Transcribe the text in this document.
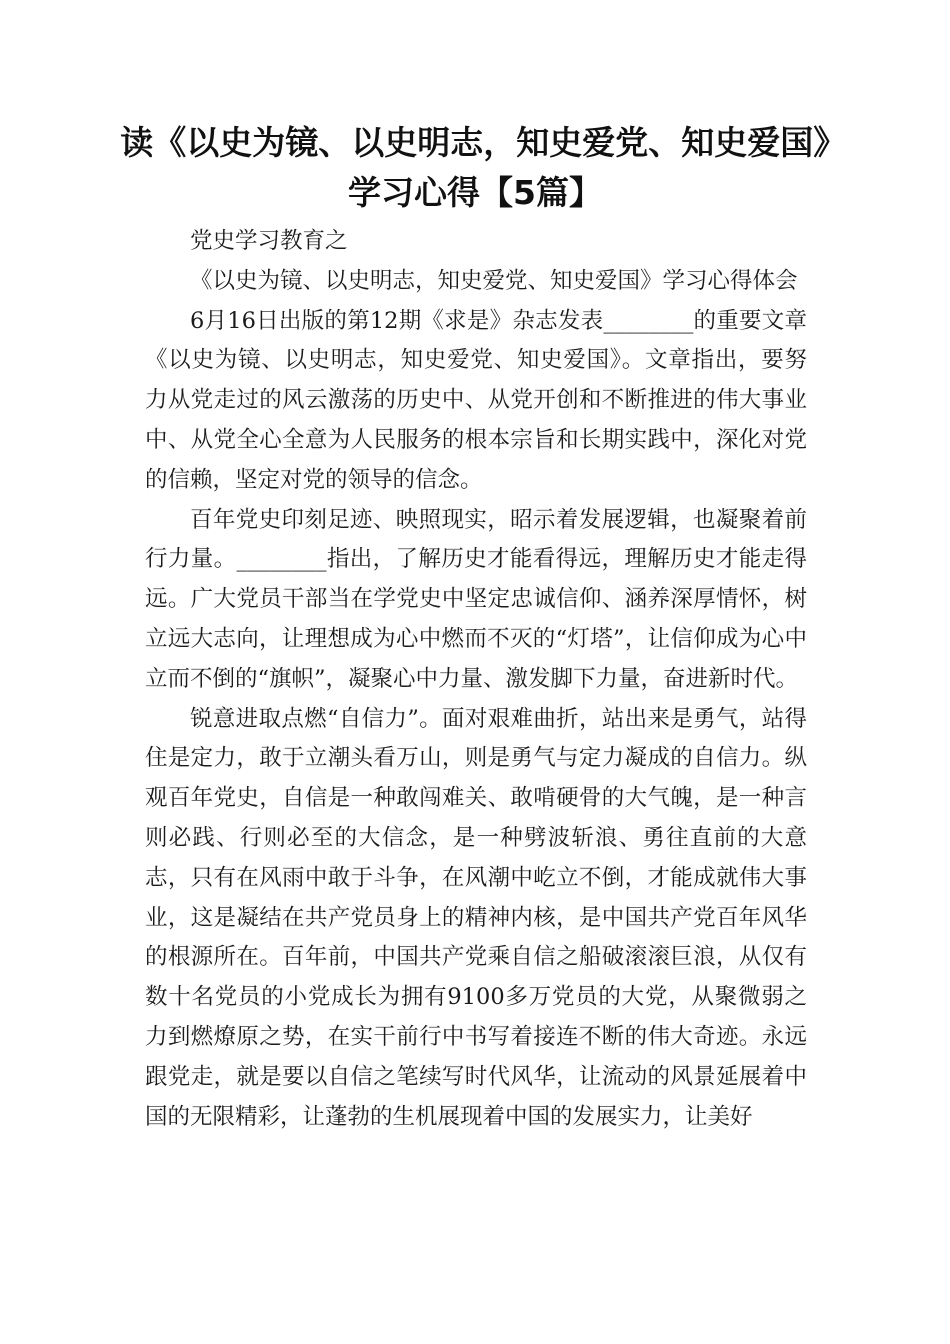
读《以史为镜、以史明志，知史爱党、知史爱国》学习心得【5篇】

党史学习教育之

《以史为镜、以史明志，知史爱党、知史爱国》学习心得体会

6月16日出版的第12期《求是》杂志发表________的重要文章《以史为镜、以史明志，知史爱党、知史爱国》。文章指出，要努力从党走过的风云激荡的历史中、从党开创和不断推进的伟大事业中、从党全心全意为人民服务的根本宗旨和长期实践中，深化对党的信赖，坚定对党的领导的信念。

百年党史印刻足迹、映照现实，昭示着发展逻辑，也凝聚着前行力量。________指出，了解历史才能看得远，理解历史才能走得远。广大党员干部当在学党史中坚定忠诚信仰、涵养深厚情怀，树立远大志向，让理想成为心中燃而不灭的“灯塔”，让信仰成为心中立而不倒的“旗帜”，凝聚心中力量、激发脚下力量，奋进新时代。

锐意进取点燃“自信力”。面对艰难曲折，站出来是勇气，站得住是定力，敢于立潮头看万山，则是勇气与定力凝成的自信力。纵观百年党史，自信是一种敢闯难关、敢啃硬骨的大气魄，是一种言则必践、行则必至的大信念，是一种劈波斩浪、勇往直前的大意志，只有在风雨中敢于斗争，在风潮中屹立不倒，才能成就伟大事业，这是凝结在共产党员身上的精神内核，是中国共产党百年风华的根源所在。百年前，中国共产党乘自信之船破滚滚巨浪，从仅有数十名党员的小党成长为拥有9100多万党员的大党，从聚微弱之力到燃燎原之势，在实干前行中书写着接连不断的伟大奇迹。永远跟党走，就是要以自信之笔续写时代风华，让流动的风景延展着中国的无限精彩，让蓬勃的生机展现着中国的发展实力，让美好
